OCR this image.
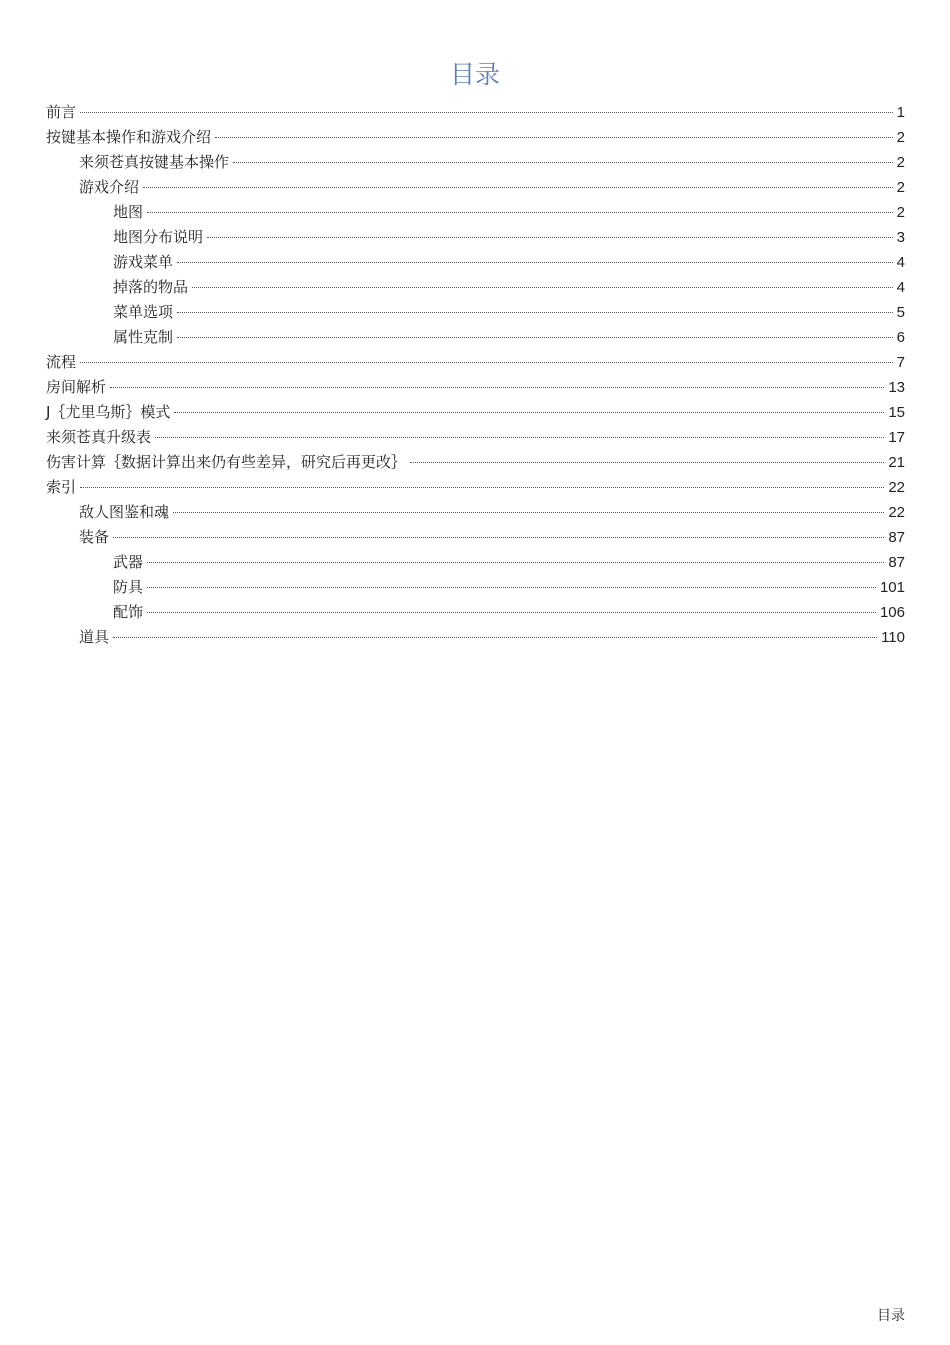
目录
前言	1
按键基本操作和游戏介绍	2
来须苍真按键基本操作	2
游戏介绍	2
地图	2
地图分布说明	3
游戏菜单	4
掉落的物品	4
菜单选项	5
属性克制	6
流程	7
房间解析	13
J｛尤里乌斯｝模式	15
来须苍真升级表	17
伤害计算｛数据计算出来仍有些差异，研究后再更改｝	21
索引	22
敌人图鉴和魂	22
装备	87
武器	87
防具	101
配饰	106
道具	110
目录
